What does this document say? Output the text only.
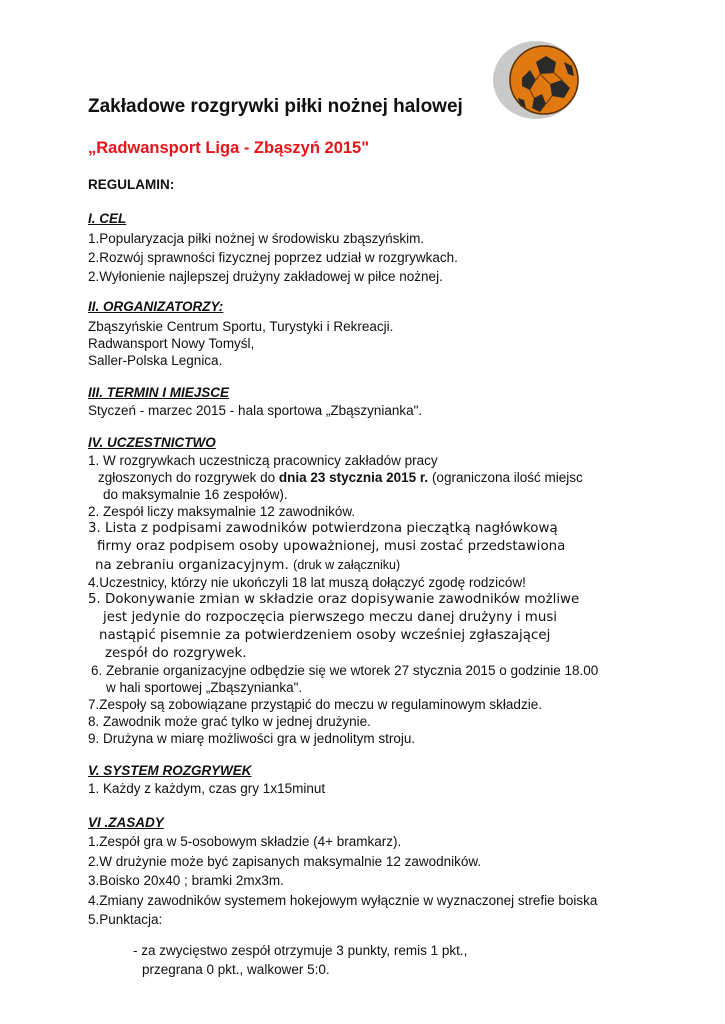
Zakładowe rozgrywki piłki nożnej halowej
„Radwansport Liga - Zbąszyń 2015"
REGULAMIN:
I. CEL
1.Popularyzacja piłki nożnej w środowisku zbąszyńskim.
2.Rozwój sprawności fizycznej poprzez udział w rozgrywkach.
2.Wyłonienie najlepszej drużyny zakładowej w piłce nożnej.
II. ORGANIZATORZY:
Zbąszyńskie Centrum Sportu, Turystyki i Rekreacji.
Radwansport Nowy Tomyśl,
Saller-Polska Legnica.
III. TERMIN I MIEJSCE
Styczeń - marzec 2015 - hala sportowa „Zbąszynianka".
IV. UCZESTNICTWO
1. W rozgrywkach uczestniczą pracownicy zakładów pracy
zgłoszonych do rozgrywek do dnia 23 stycznia 2015 r. (ograniczona ilość miejsc
do maksymalnie 16 zespołów).
2. Zespół liczy maksymalnie 12 zawodników.
3. Lista z podpisami zawodników potwierdzona pieczątką nagłówkową
firmy oraz podpisem osoby upoważnionej, musi zostać przedstawiona
na zebraniu organizacyjnym. (druk w załączniku)
4.Uczestnicy, którzy nie ukończyli 18 lat muszą dołączyć zgodę rodziców!
5. Dokonywanie zmian w składzie oraz dopisywanie zawodników możliwe
jest jedynie do rozpoczęcia pierwszego meczu danej drużyny i musi
nastąpić pisemnie za potwierdzeniem osoby wcześniej zgłaszającej
zespół do rozgrywek.
6. Zebranie organizacyjne odbędzie się we wtorek 27 stycznia 2015 o godzinie 18.00
w hali sportowej „Zbąszynianka".
7.Zespoły są zobowiązane przystąpić do meczu w regulaminowym składzie.
8. Zawodnik może grać tylko w jednej drużynie.
9. Drużyna w miarę możliwości gra w jednolitym stroju.
V. SYSTEM ROZGRYWEK
1. Każdy z każdym, czas gry 1x15minut
VI .ZASADY
1.Zespół gra w 5-osobowym składzie (4+ bramkarz).
2.W drużynie może być zapisanych maksymalnie 12 zawodników.
3.Boisko 20x40 ; bramki 2mx3m.
4.Zmiany zawodników systemem hokejowym wyłącznie w wyznaczonej strefie boiska
5.Punktacja:
- za zwycięstwo zespół otrzymuje 3 punkty, remis 1 pkt.,
przegrana 0 pkt., walkower 5:0.
